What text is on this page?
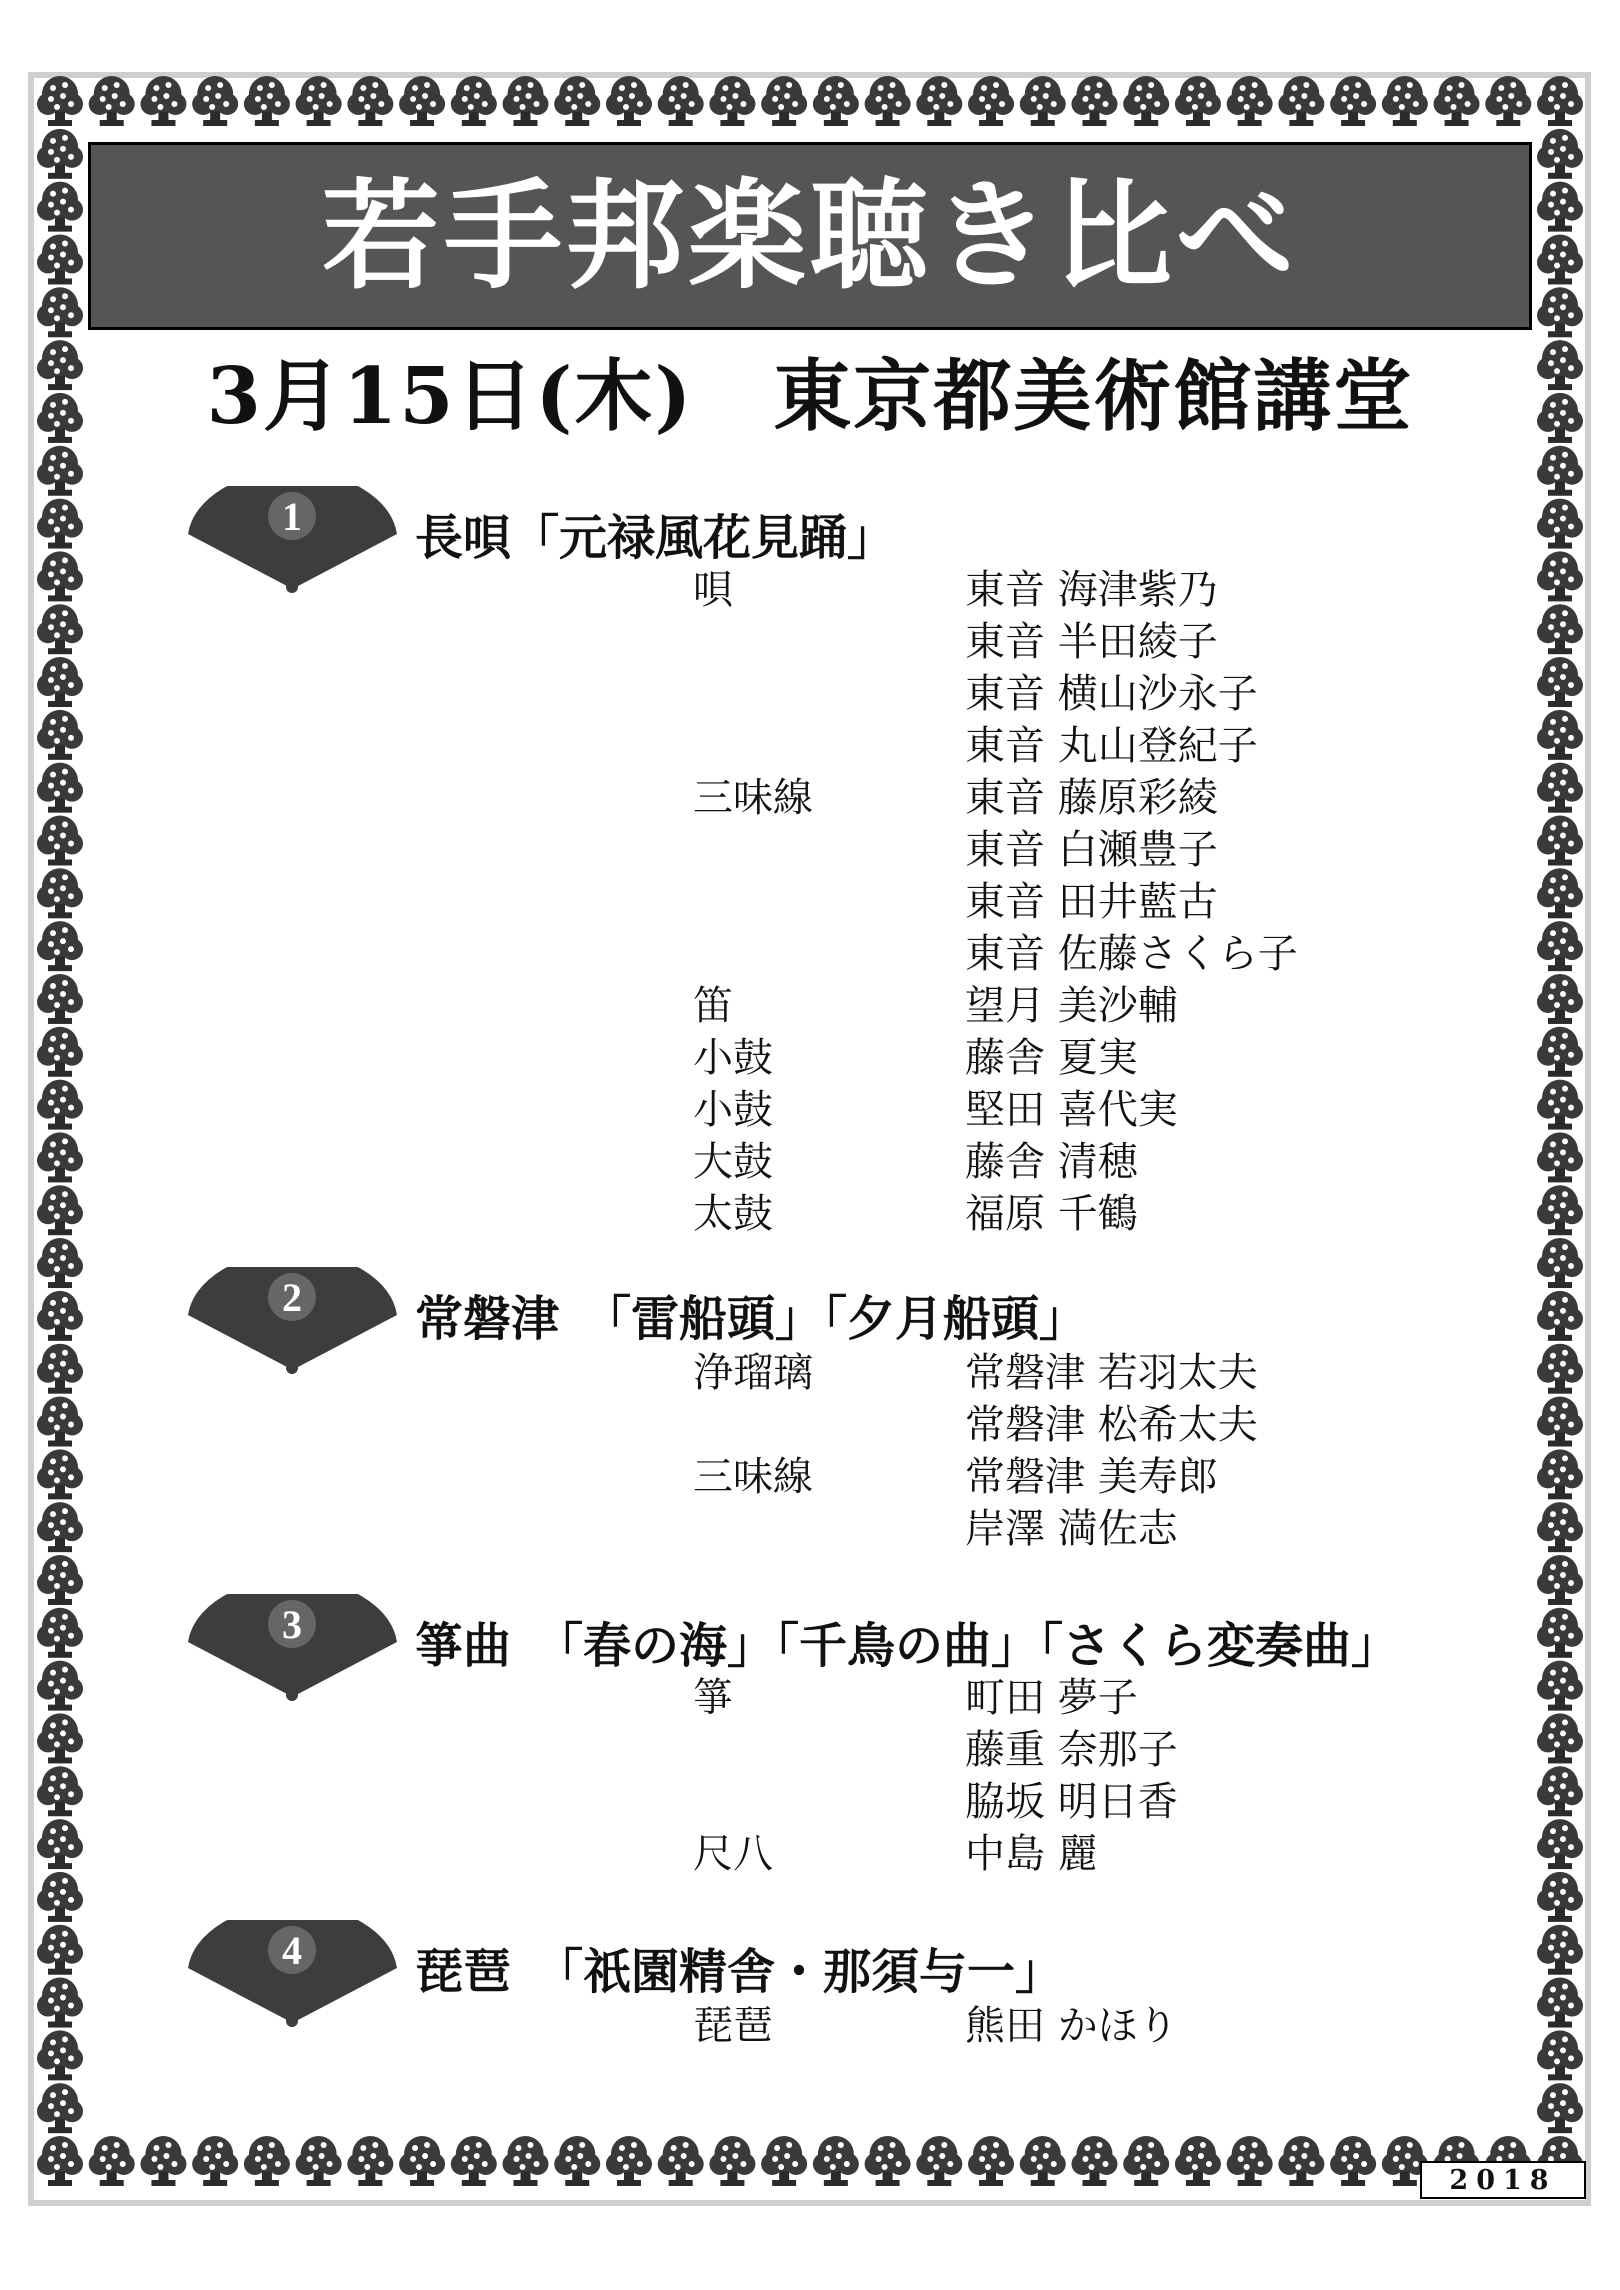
若手邦楽聴き比べ
3月15日(木)　東京都美術館講堂
1 長唄「元禄風花見踊」
唄	東音 海津紫乃
東音 半田綾子
東音 横山沙永子
東音 丸山登紀子
三味線	東音 藤原彩綾
東音 白瀬豊子
東音 田井藍古
東音 佐藤さくら子
笛	望月 美沙輔
小鼓	藤舎 夏実
小鼓	堅田 喜代実
大鼓	藤舎 清穂
太鼓	福原 千鶴
2 常磐津　「雷船頭」「夕月船頭」
浄瑠璃	常磐津 若羽太夫
常磐津 松希太夫
三味線	常磐津 美寿郎
岸澤 満佐志
3 箏曲　「春の海」「千鳥の曲」「さくら変奏曲」
箏	町田 夢子
藤重 奈那子
脇坂 明日香
尺八	中島 麗
4 琵琶　「祇園精舎・那須与一」
琵琶	熊田 かほり
2018
